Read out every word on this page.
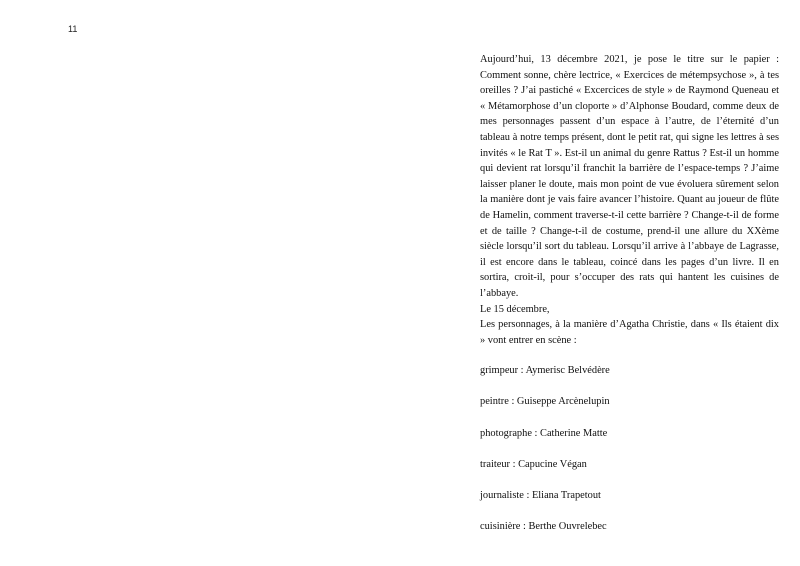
11

Aujourd’hui, 13 décembre 2021, je pose le titre sur le papier : Comment sonne, chère lectrice, « Exercices de métempsychose », à tes oreilles ? J’ai pastiché « Excercices de style » de Raymond Queneau et « Métamorphose d’un cloporte » d’Alphonse Boudard, comme deux de mes personnages passent d’un espace à l’autre, de l’éternité d’un tableau à notre temps présent, dont le petit rat, qui signe les lettres à ses invités « le Rat T ». Est-il un animal du genre Rattus ? Est-il un homme qui devient rat lorsqu’il franchit la barrière de l’espace-temps ? J’aime laisser planer le doute, mais mon point de vue évoluera sûrement selon la manière dont je vais faire avancer l’histoire. Quant au joueur de flûte de Hamelin, comment traverse-t-il cette barrière ? Change-t-il de forme et de taille ? Change-t-il de costume, prend-il une allure du XXème siècle lorsqu’il sort du tableau. Lorsqu’il arrive à l’abbaye de Lagrasse, il est encore dans le tableau, coincé dans les pages d’un livre. Il en sortira, croit-il, pour s’occuper des rats qui hantent les cuisines de l’abbaye.

Le 15 décembre,

Les personnages, à la manière d’Agatha Christie, dans « Ils étaient dix » vont entrer en scène :

grimpeur : Aymerisc Belvédère
peintre : Guiseppe Arcènelupin
photographe : Catherine Matte
traiteur : Capucine Végan
journaliste : Eliana Trapetout
cuisinière : Berthe Ouvrelebec
